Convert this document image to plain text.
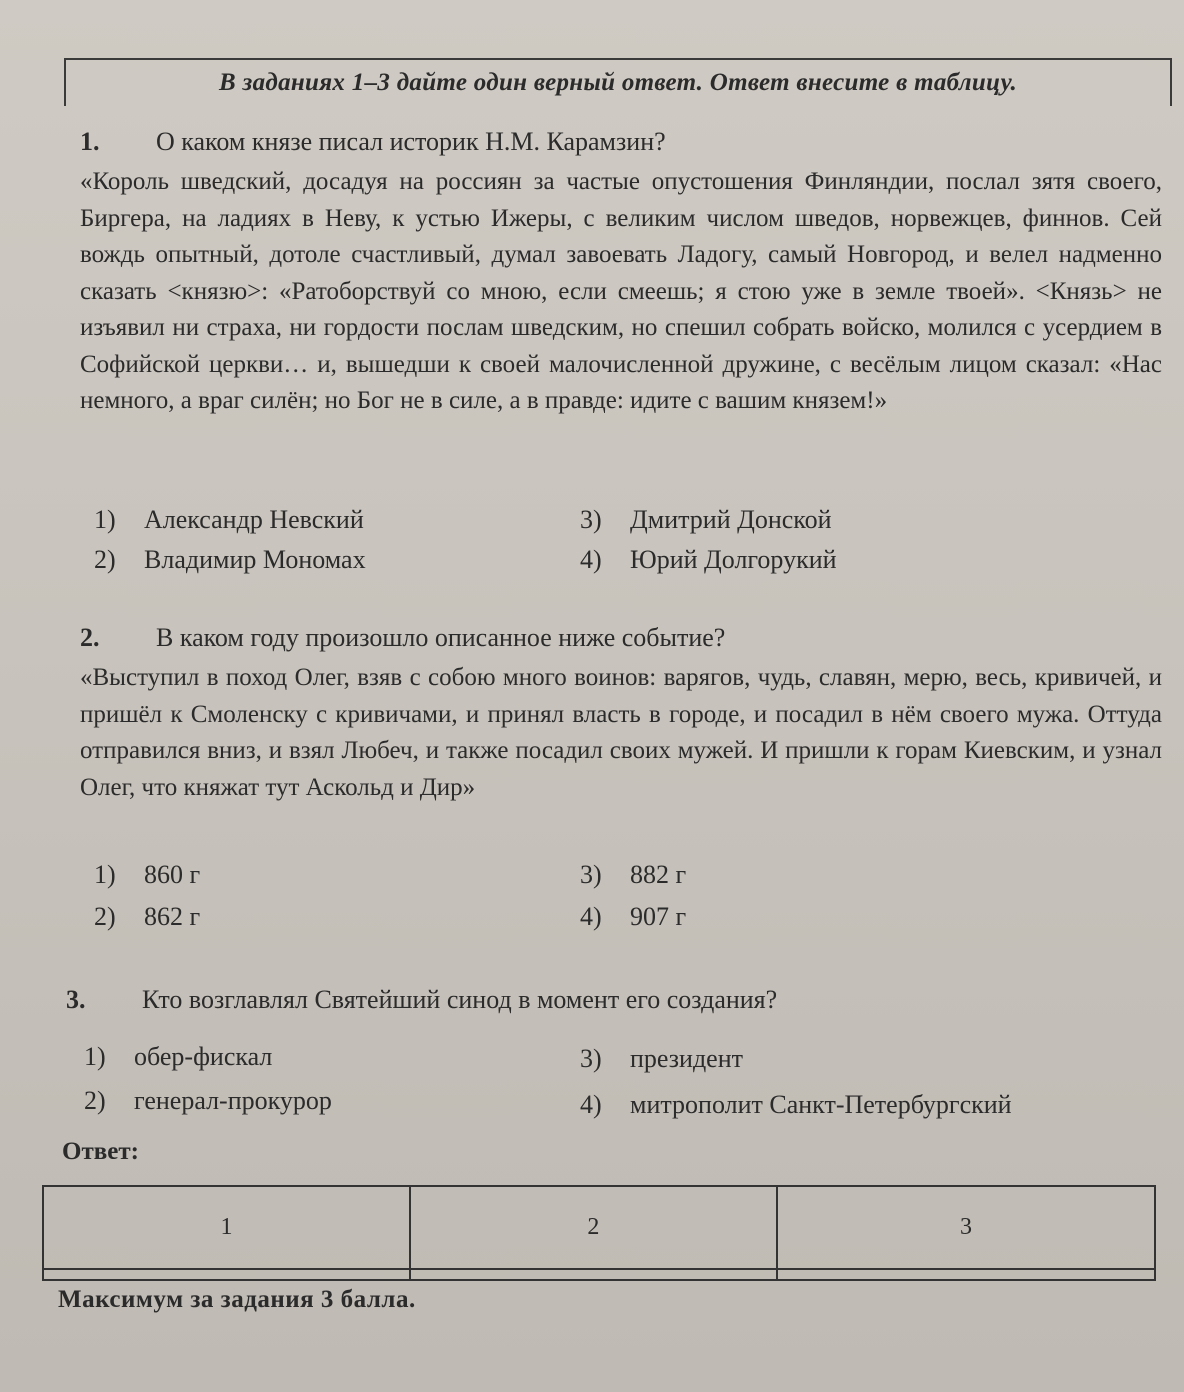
В заданиях 1–3 дайте один верный ответ. Ответ внесите в таблицу.
1.	О каком князе писал историк Н.М. Карамзин?
«Король шведский, досадуя на россиян за частые опустошения Финляндии, послал зятя своего, Биргера, на ладиях в Неву, к устью Ижеры, с великим числом шведов, норвежцев, финнов. Сей вождь опытный, дотоле счастливый, думал завоевать Ладогу, самый Новгород, и велел надменно сказать <князю>: «Ратоборствуй со мною, если смеешь; я стою уже в земле твоей». <Князь> не изъявил ни страха, ни гордости послам шведским, но спешил собрать войско, молился с усердием в Софийской церкви… и, вышедши к своей малочисленной дружине, с весёлым лицом сказал: «Нас немного, а враг силён; но Бог не в силе, а в правде: идите с вашим князем!»
1)	Александр Невский
2)	Владимир Мономах
3)	Дмитрий Донской
4)	Юрий Долгорукий
2.	В каком году произошло описанное ниже событие?
«Выступил в поход Олег, взяв с собою много воинов: варягов, чудь, славян, мерю, весь, кривичей, и пришёл к Смоленску с кривичами, и принял власть в городе, и посадил в нём своего мужа. Оттуда отправился вниз, и взял Любеч, и также посадил своих мужей. И пришли к горам Киевским, и узнал Олег, что княжат тут Аскольд и Дир»
1)	860 г
2)	862 г
3)	882 г
4)	907 г
3.	Кто возглавлял Святейший синод в момент его создания?
1)	обер-фискал
2)	генерал-прокурор
3)	президент
4)	митрополит Санкт-Петербургский
Ответ:
1	2	3

Максимум за задания 3 балла.
